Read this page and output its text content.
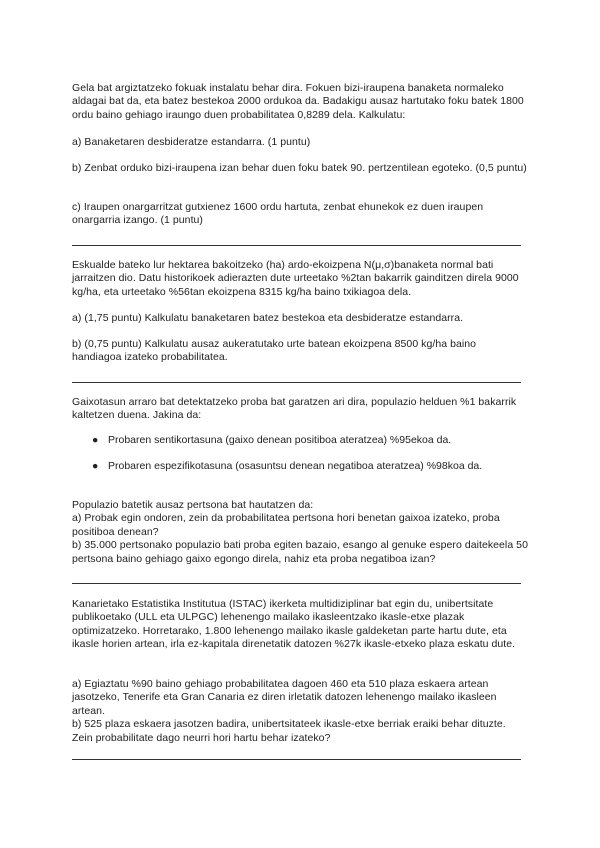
Gela bat argiztatzeko fokuak instalatu behar dira. Fokuen bizi-iraupena banaketa normaleko aldagai bat da, eta batez bestekoa 2000 ordukoa da. Badakigu ausaz hartutako foku batek 1800 ordu baino gehiago iraungo duen probabilitatea 0,8289 dela. Kalkulatu:

a) Banaketaren desbideratze estandarra. (1 puntu)

b) Zenbat orduko bizi-iraupena izan behar duen foku batek 90. pertzentilean egoteko. (0,5 puntu)

c) Iraupen onargarritzat gutxienez 1600 ordu hartuta, zenbat ehunekok ez duen iraupen onargarria izango. (1 puntu)

Eskualde bateko lur hektarea bakoitzeko (ha) ardo-ekoizpena N(μ,σ)banaketa normal bati jarraitzen dio. Datu historikoek adierazten dute urteetako %2tan bakarrik gainditzen direla 9000 kg/ha, eta urteetako %56tan ekoizpena 8315 kg/ha baino txikiagoa dela.

a) (1,75 puntu) Kalkulatu banaketaren batez bestekoa eta desbideratze estandarra.

b) (0,75 puntu) Kalkulatu ausaz aukeratutako urte batean ekoizpena 8500 kg/ha baino handiagoa izateko probabilitatea.

Gaixotasun arraro bat detektatzeko proba bat garatzen ari dira, populazio helduen %1 bakarrik kaltetzen duena. Jakina da:

● Probaren sentikortasuna (gaixo denean positiboa ateratzea) %95ekoa da.
● Probaren espezifikotasuna (osasuntsu denean negatiboa ateratzea) %98koa da.

Populazio batetik ausaz pertsona bat hautatzen da:

a) Probak egin ondoren, zein da probabilitatea pertsona hori benetan gaixoa izateko, proba positiboa denean?

b) 35.000 pertsonako populazio bati proba egiten bazaio, esango al genuke espero daitekeela 50 pertsona baino gehiago gaixo egongo direla, nahiz eta proba negatiboa izan?

Kanarietako Estatistika Institutua (ISTAC) ikerketa multidiziplinar bat egin du, unibertsitate publikoetako (ULL eta ULPGC) lehenengo mailako ikasleentzako ikasle-etxe plazak optimizatzeko. Horretarako, 1.800 lehenengo mailako ikasle galdeketan parte hartu dute, eta ikasle horien artean, irla ez-kapitala direnetatik datozen %27k ikasle-etxeko plaza eskatu dute.

a) Egiaztatu %90 baino gehiago probabilitatea dagoen 460 eta 510 plaza eskaera artean jasotzeko, Tenerife eta Gran Canaria ez diren irletatik datozen lehenengo mailako ikasleen artean.

b) 525 plaza eskaera jasotzen badira, unibertsitateek ikasle-etxe berriak eraiki behar dituzte. Zein probabilitate dago neurri hori hartu behar izateko?
